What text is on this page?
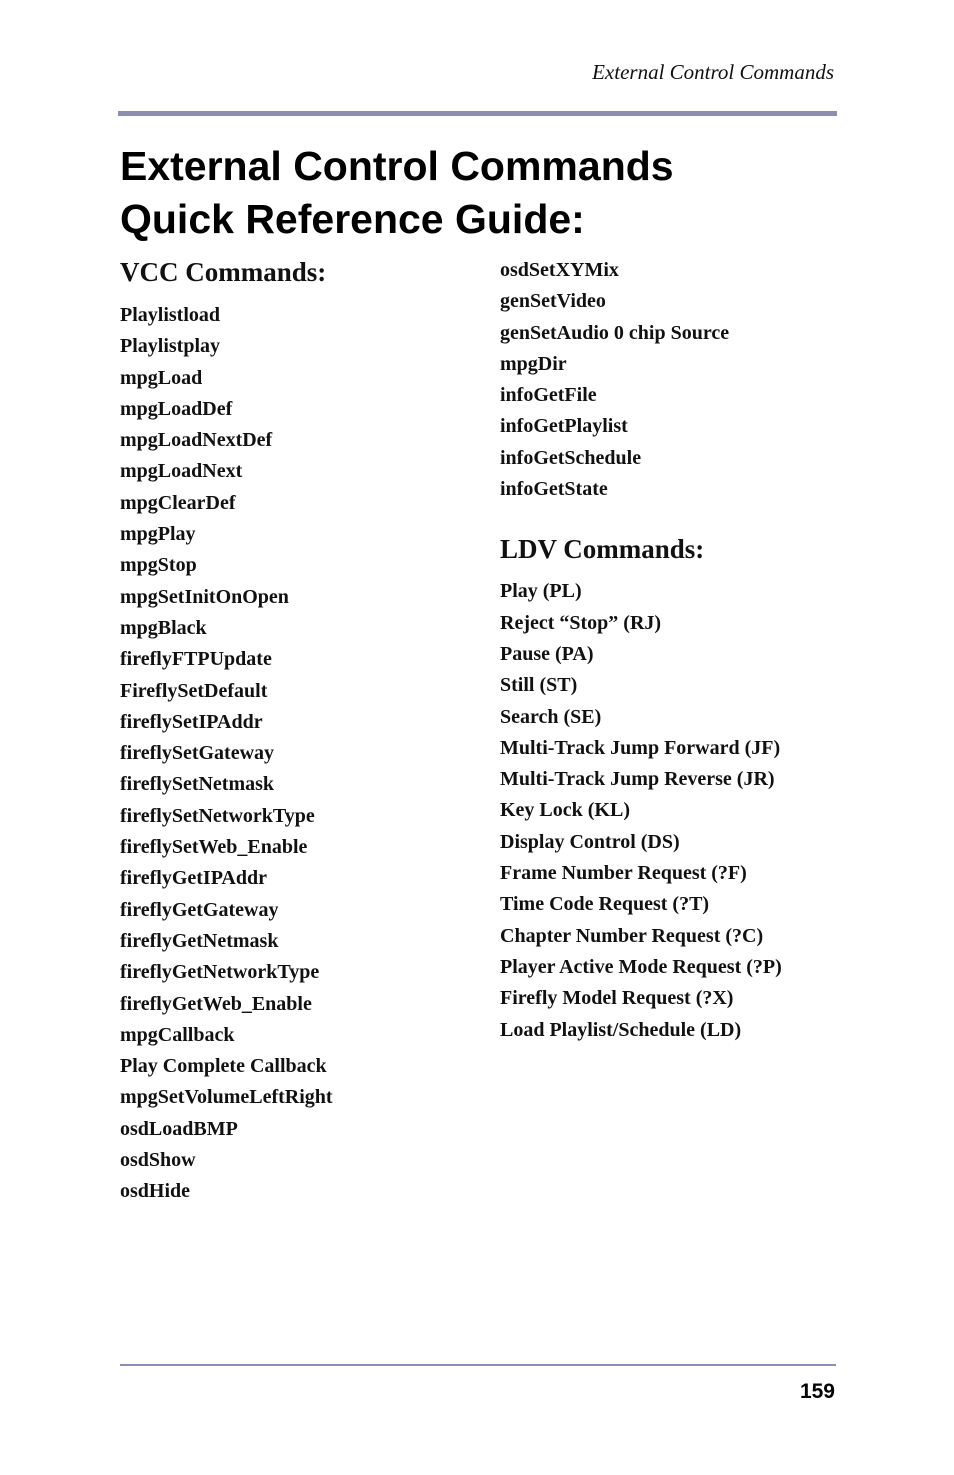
External Control Commands
External Control Commands
Quick Reference Guide:
VCC Commands:
Playlistload
Playlistplay
mpgLoad
mpgLoadDef
mpgLoadNextDef
mpgLoadNext
mpgClearDef
mpgPlay
mpgStop
mpgSetInitOnOpen
mpgBlack
fireflyFTPUpdate
FireflySetDefault
fireflySetIPAddr
fireflySetGateway
fireflySetNetmask
fireflySetNetworkType
fireflySetWeb_Enable
fireflyGetIPAddr
fireflyGetGateway
fireflyGetNetmask
fireflyGetNetworkType
fireflyGetWeb_Enable
mpgCallback
Play Complete Callback
mpgSetVolumeLeftRight
osdLoadBMP
osdShow
osdHide
osdSetXYMix
genSetVideo
genSetAudio 0 chip Source
mpgDir
infoGetFile
infoGetPlaylist
infoGetSchedule
infoGetState
LDV Commands:
Play (PL)
Reject “Stop” (RJ)
Pause (PA)
Still (ST)
Search (SE)
Multi-Track Jump Forward (JF)
Multi-Track Jump Reverse (JR)
Key Lock (KL)
Display Control (DS)
Frame Number Request (?F)
Time Code Request (?T)
Chapter Number Request (?C)
Player Active Mode Request (?P)
Firefly Model Request (?X)
Load Playlist/Schedule (LD)
159
